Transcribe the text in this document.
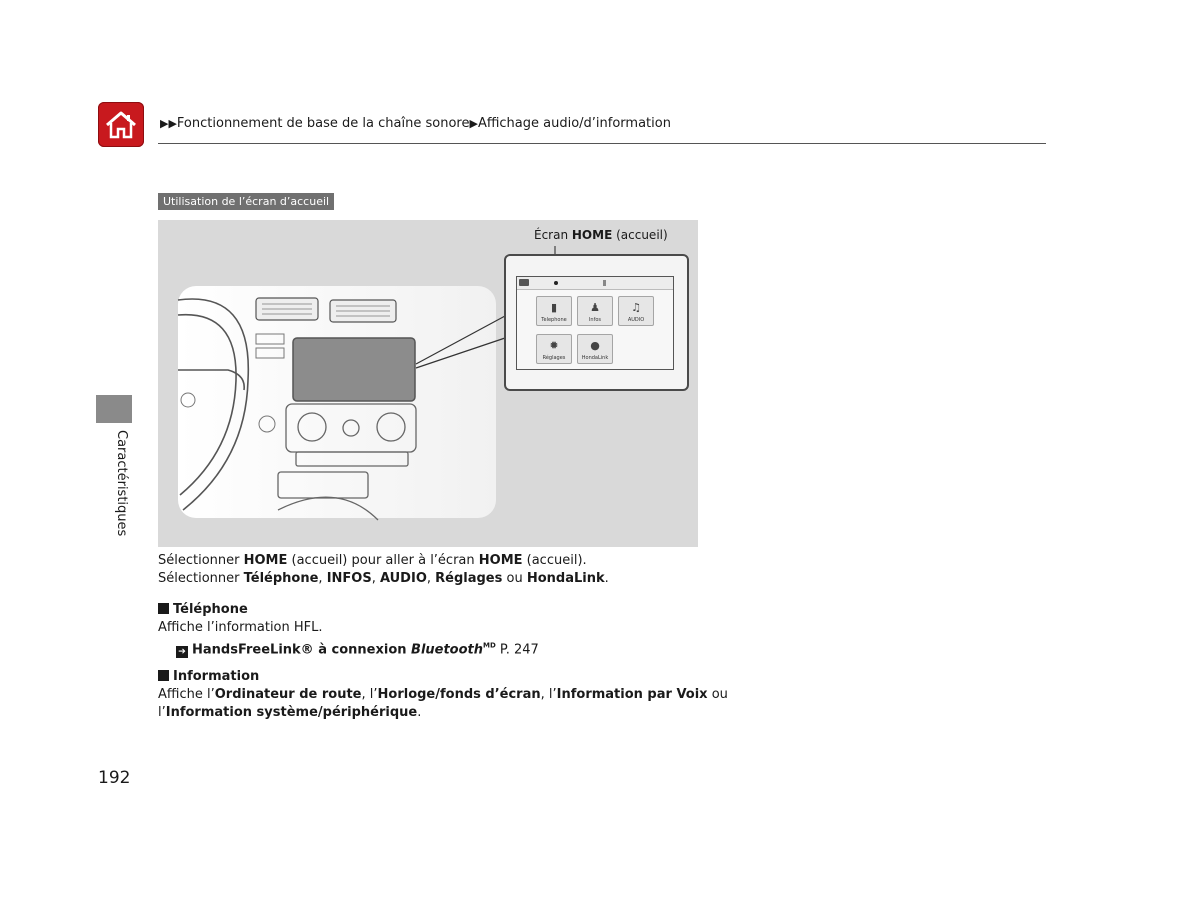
▶▶Fonctionnement de base de la chaîne sonore▶Affichage audio/d’information
Caractéristiques
Utilisation de l’écran d’accueil
Écran HOME (accueil)
▮
Telephone
♟
Infos
♫
AUDIO
✹
Réglages
●
HondaLink
Sélectionner HOME (accueil) pour aller à l’écran HOME (accueil).
Sélectionner Téléphone, INFOS, AUDIO, Réglages ou HondaLink.
Téléphone
Affiche l’information HFL.
➔ HandsFreeLink® à connexion Bluetooth$^{MD}$ P. 247
Information
Affiche l’Ordinateur de route, l’Horloge/fonds d’écran, l’Information par Voix ou
l’Information système/périphérique.
192
